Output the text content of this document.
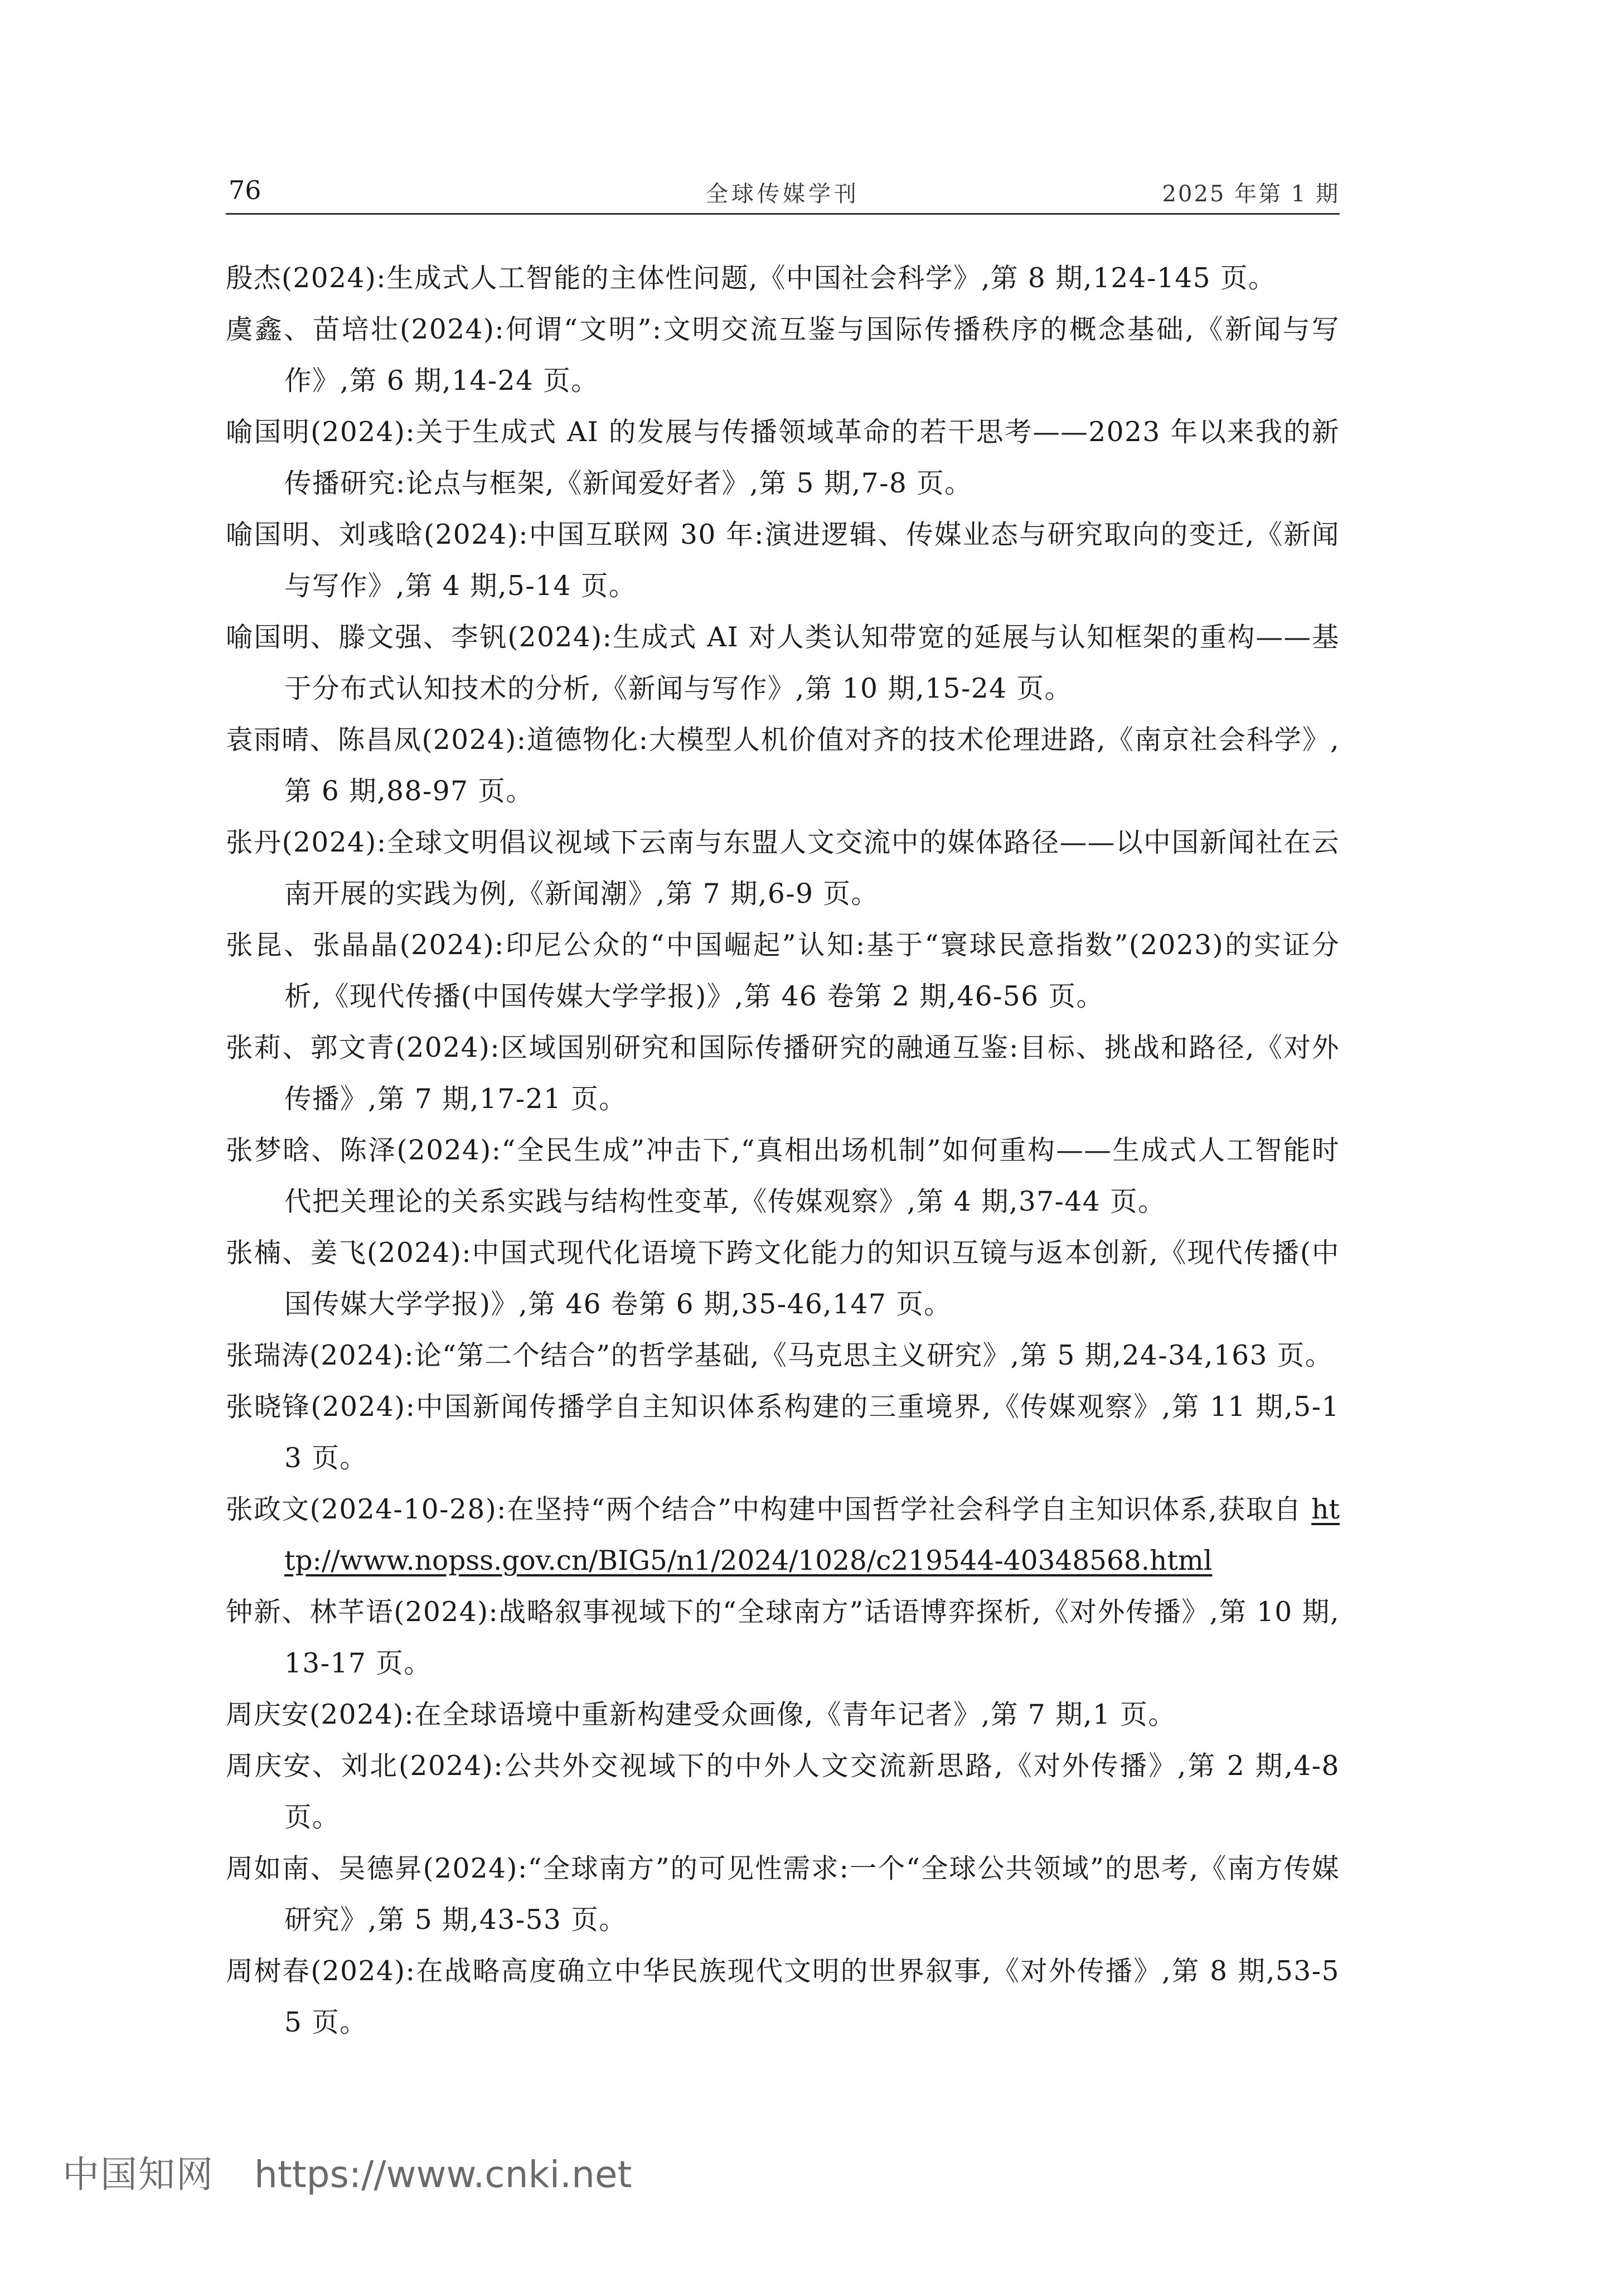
76	全球传媒学刊	2025 年第 1 期
殷杰(2024):生成式人工智能的主体性问题,《中国社会科学》,第 8 期,124-145 页。
虞鑫、苗培壮(2024):何谓“文明”:文明交流互鉴与国际传播秩序的概念基础,《新闻与写作》,第 6 期,14-24 页。
喻国明(2024):关于生成式 AI 的发展与传播领域革命的若干思考——2023 年以来我的新传播研究:论点与框架,《新闻爱好者》,第 5 期,7-8 页。
喻国明、刘彧晗(2024):中国互联网 30 年:演进逻辑、传媒业态与研究取向的变迁,《新闻与写作》,第 4 期,5-14 页。
喻国明、滕文强、李钒(2024):生成式 AI 对人类认知带宽的延展与认知框架的重构——基于分布式认知技术的分析,《新闻与写作》,第 10 期,15-24 页。
袁雨晴、陈昌凤(2024):道德物化:大模型人机价值对齐的技术伦理进路,《南京社会科学》,第 6 期,88-97 页。
张丹(2024):全球文明倡议视域下云南与东盟人文交流中的媒体路径——以中国新闻社在云南开展的实践为例,《新闻潮》,第 7 期,6-9 页。
张昆、张晶晶(2024):印尼公众的“中国崛起”认知:基于“寰球民意指数”(2023)的实证分析,《现代传播(中国传媒大学学报)》,第 46 卷第 2 期,46-56 页。
张莉、郭文青(2024):区域国别研究和国际传播研究的融通互鉴:目标、挑战和路径,《对外传播》,第 7 期,17-21 页。
张梦晗、陈泽(2024):“全民生成”冲击下,“真相出场机制”如何重构——生成式人工智能时代把关理论的关系实践与结构性变革,《传媒观察》,第 4 期,37-44 页。
张楠、姜飞(2024):中国式现代化语境下跨文化能力的知识互镜与返本创新,《现代传播(中国传媒大学学报)》,第 46 卷第 6 期,35-46,147 页。
张瑞涛(2024):论“第二个结合”的哲学基础,《马克思主义研究》,第 5 期,24-34,163 页。
张晓锋(2024):中国新闻传播学自主知识体系构建的三重境界,《传媒观察》,第 11 期,5-13 页。
张政文(2024-10-28):在坚持“两个结合”中构建中国哲学社会科学自主知识体系,获取自 http://www.nopss.gov.cn/BIG5/n1/2024/1028/c219544-40348568.html
钟新、林芊语(2024):战略叙事视域下的“全球南方”话语博弈探析,《对外传播》,第 10 期,13-17 页。
周庆安(2024):在全球语境中重新构建受众画像,《青年记者》,第 7 期,1 页。
周庆安、刘北(2024):公共外交视域下的中外人文交流新思路,《对外传播》,第 2 期,4-8 页。
周如南、吴德昇(2024):“全球南方”的可见性需求:一个“全球公共领域”的思考,《南方传媒研究》,第 5 期,43-53 页。
周树春(2024):在战略高度确立中华民族现代文明的世界叙事,《对外传播》,第 8 期,53-55 页。
中国知网 https://www.cnki.net
